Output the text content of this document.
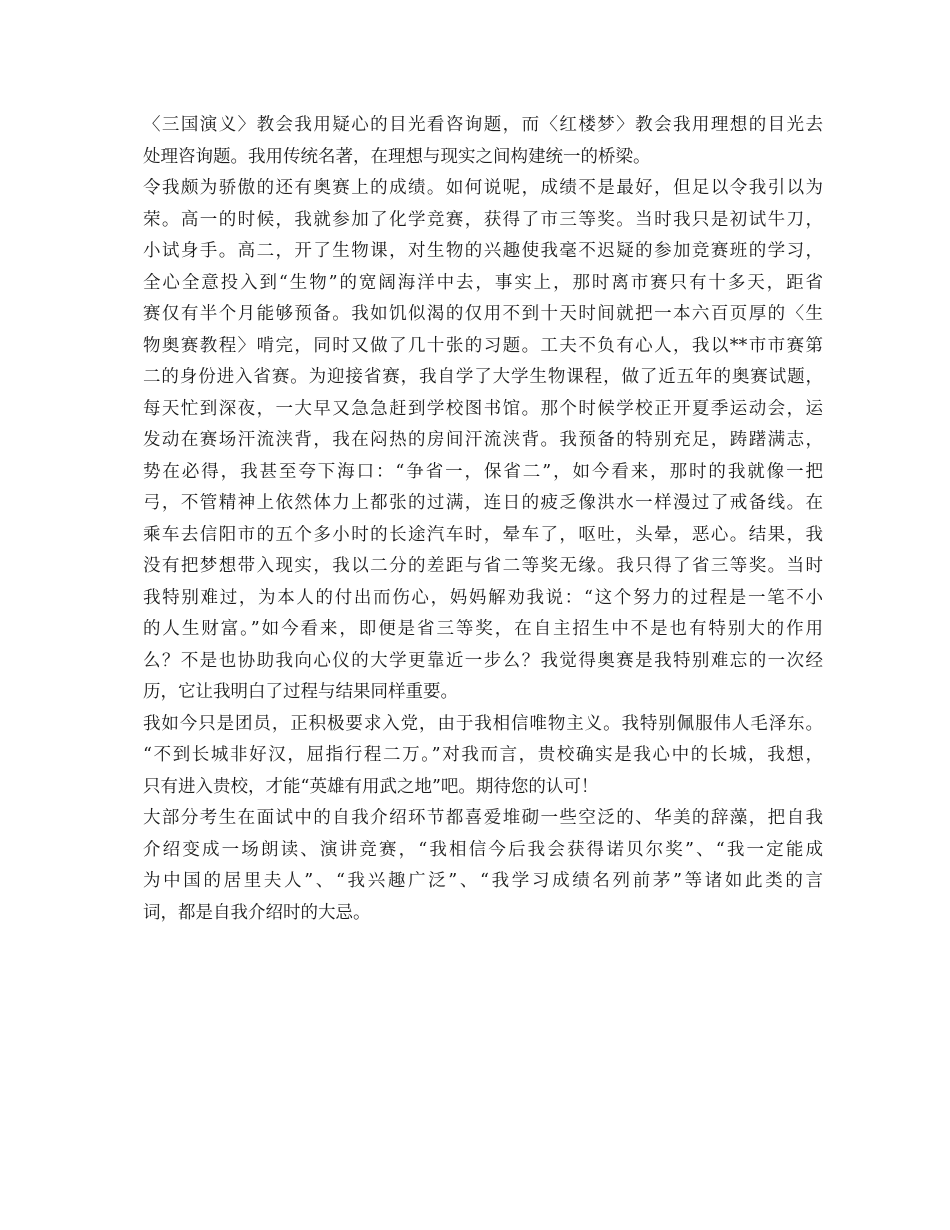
〈三国演义〉教会我用疑心的目光看咨询题，而〈红楼梦〉教会我用理想的目光去
处理咨询题。我用传统名著，在理想与现实之间构建统一的桥梁。
令我颇为骄傲的还有奥赛上的成绩。如何说呢，成绩不是最好，但足以令我引以为
荣。高一的时候，我就参加了化学竞赛，获得了市三等奖。当时我只是初试牛刀，
小试身手。高二，开了生物课，对生物的兴趣使我毫不迟疑的参加竞赛班的学习，
全心全意投入到“生物”的宽阔海洋中去，事实上，那时离市赛只有十多天，距省
赛仅有半个月能够预备。我如饥似渴的仅用不到十天时间就把一本六百页厚的〈生
物奥赛教程〉啃完，同时又做了几十张的习题。工夫不负有心人，我以**市市赛第
二的身份进入省赛。为迎接省赛，我自学了大学生物课程，做了近五年的奥赛试题，
每天忙到深夜，一大早又急急赶到学校图书馆。那个时候学校正开夏季运动会，运
发动在赛场汗流浃背，我在闷热的房间汗流浃背。我预备的特别充足，踌躇满志，
势在必得，我甚至夸下海口：“争省一，保省二”，如今看来，那时的我就像一把
弓，不管精神上依然体力上都张的过满，连日的疲乏像洪水一样漫过了戒备线。在
乘车去信阳市的五个多小时的长途汽车时，晕车了，呕吐，头晕，恶心。结果，我
没有把梦想带入现实，我以二分的差距与省二等奖无缘。我只得了省三等奖。当时
我特别难过，为本人的付出而伤心，妈妈解劝我说：“这个努力的过程是一笔不小
的人生财富。”如今看来，即便是省三等奖，在自主招生中不是也有特别大的作用
么？不是也协助我向心仪的大学更靠近一步么？我觉得奥赛是我特别难忘的一次经
历，它让我明白了过程与结果同样重要。
我如今只是团员，正积极要求入党，由于我相信唯物主义。我特别佩服伟人毛泽东。
“不到长城非好汉，屈指行程二万。”对我而言，贵校确实是我心中的长城，我想，
只有进入贵校，才能“英雄有用武之地”吧。期待您的认可！
大部分考生在面试中的自我介绍环节都喜爱堆砌一些空泛的、华美的辞藻，把自我
介绍变成一场朗读、演讲竞赛，“我相信今后我会获得诺贝尔奖”、“我一定能成
为中国的居里夫人”、“我兴趣广泛”、“我学习成绩名列前茅”等诸如此类的言
词，都是自我介绍时的大忌。
